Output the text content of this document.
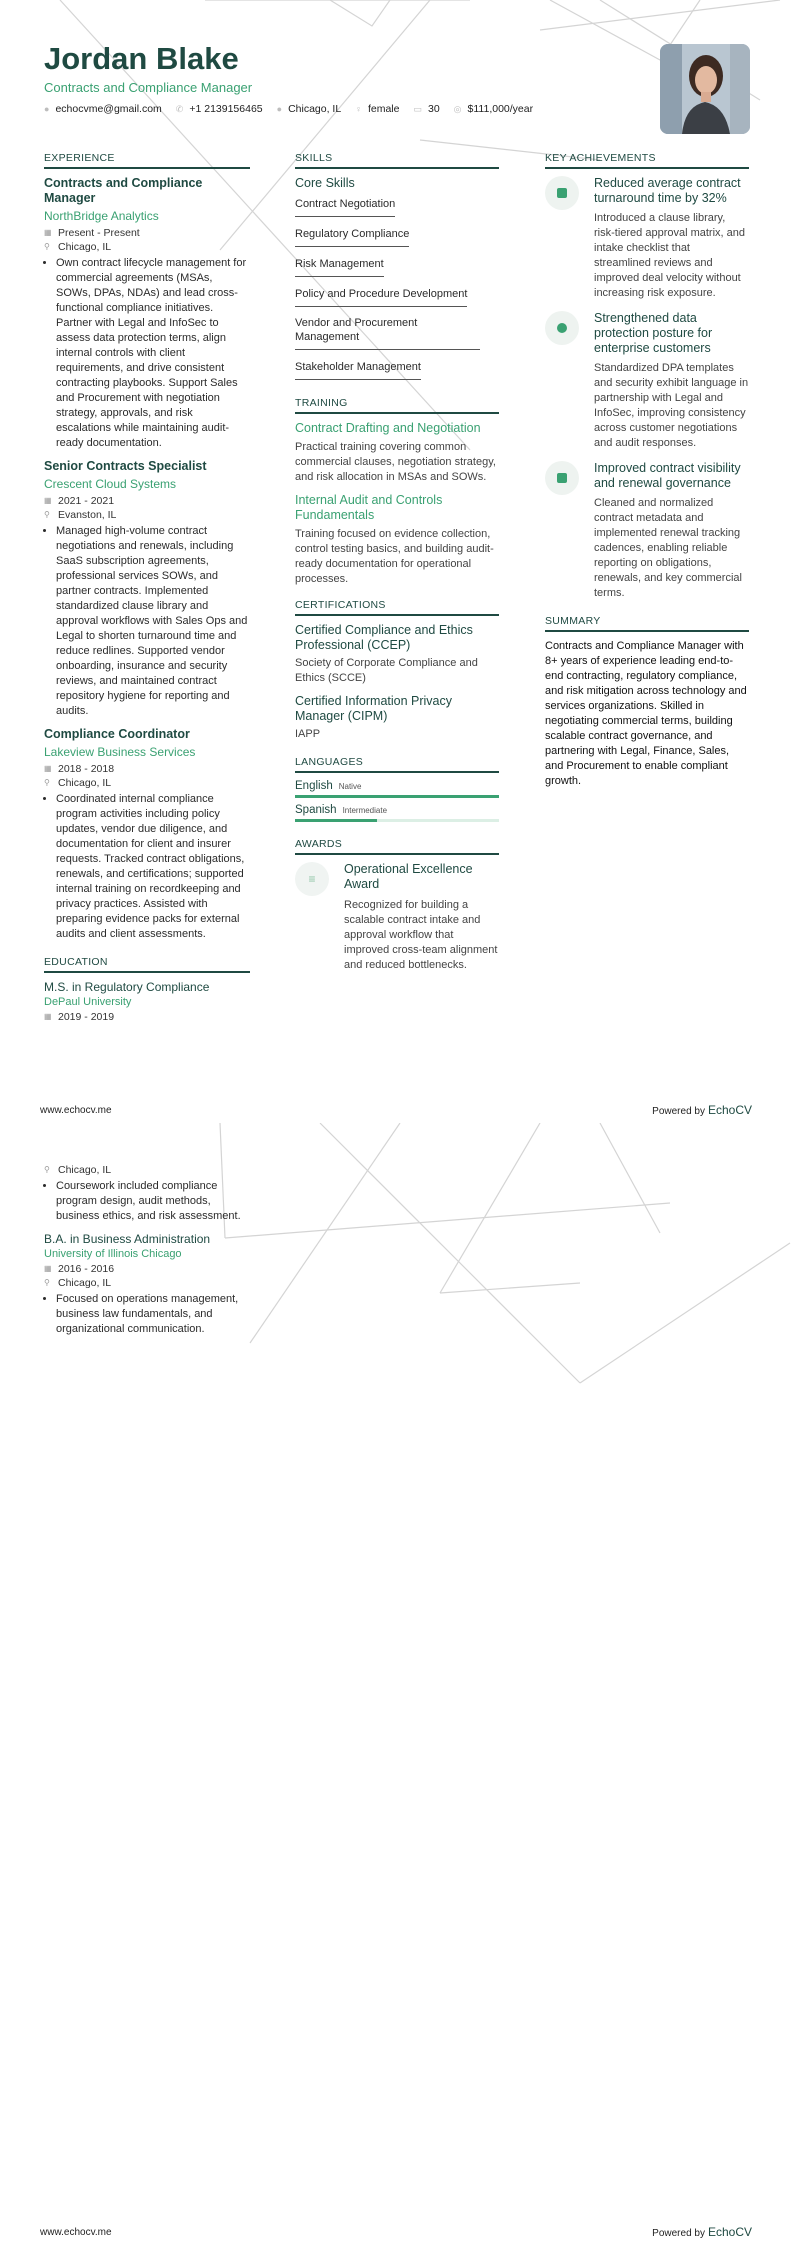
Jordan Blake
Contracts and Compliance Manager
● echocvme@gmail.com ✆ +1 2139156465 ● Chicago, IL ♀ female ▭ 30 ◎ $111,000/year
EXPERIENCE
Contracts and Compliance Manager
NorthBridge Analytics
▦ Present - Present
⚲ Chicago, IL
• Own contract lifecycle management for commercial agreements (MSAs, SOWs, DPAs, NDAs) and lead cross-functional compliance initiatives. Partner with Legal and InfoSec to assess data protection terms, align internal controls with client requirements, and drive consistent contracting playbooks. Support Sales and Procurement with negotiation strategy, approvals, and risk escalations while maintaining audit-ready documentation.
Senior Contracts Specialist
Crescent Cloud Systems
▦ 2021 - 2021
⚲ Evanston, IL
• Managed high-volume contract negotiations and renewals, including SaaS subscription agreements, professional services SOWs, and partner contracts. Implemented standardized clause library and approval workflows with Sales Ops and Legal to shorten turnaround time and reduce redlines. Supported vendor onboarding, insurance and security reviews, and maintained contract repository hygiene for reporting and audits.
Compliance Coordinator
Lakeview Business Services
▦ 2018 - 2018
⚲ Chicago, IL
• Coordinated internal compliance program activities including policy updates, vendor due diligence, and documentation for client and insurer requests. Tracked contract obligations, renewals, and certifications; supported internal training on recordkeeping and privacy practices. Assisted with preparing evidence packs for external audits and client assessments.
EDUCATION
M.S. in Regulatory Compliance
DePaul University
▦ 2019 - 2019
SKILLS
Core Skills
Contract Negotiation
Regulatory Compliance
Risk Management
Policy and Procedure Development
Vendor and Procurement Management
Stakeholder Management
TRAINING
Contract Drafting and Negotiation
Practical training covering common commercial clauses, negotiation strategy, and risk allocation in MSAs and SOWs.
Internal Audit and Controls Fundamentals
Training focused on evidence collection, control testing basics, and building audit-ready documentation for operational processes.
CERTIFICATIONS
Certified Compliance and Ethics Professional (CCEP)
Society of Corporate Compliance and Ethics (SCCE)
Certified Information Privacy Manager (CIPM)
IAPP
LANGUAGES
English Native
Spanish Intermediate
AWARDS
≡
Operational Excellence Award
Recognized for building a scalable contract intake and approval workflow that improved cross-team alignment and reduced bottlenecks.
KEY ACHIEVEMENTS
Reduced average contract turnaround time by 32%
Introduced a clause library, risk-tiered approval matrix, and intake checklist that streamlined reviews and improved deal velocity without increasing risk exposure.
Strengthened data protection posture for enterprise customers
Standardized DPA templates and security exhibit language in partnership with Legal and InfoSec, improving consistency across customer negotiations and audit responses.
Improved contract visibility and renewal governance
Cleaned and normalized contract metadata and implemented renewal tracking cadences, enabling reliable reporting on obligations, renewals, and key commercial terms.
SUMMARY
Contracts and Compliance Manager with 8+ years of experience leading end-to-end contracting, regulatory compliance, and risk mitigation across technology and services organizations. Skilled in negotiating commercial terms, building scalable contract governance, and partnering with Legal, Finance, Sales, and Procurement to enable compliant growth.
www.echocv.me	Powered by EchoCV
⚲ Chicago, IL
• Coursework included compliance program design, audit methods, business ethics, and risk assessment.
B.A. in Business Administration
University of Illinois Chicago
▦ 2016 - 2016
⚲ Chicago, IL
• Focused on operations management, business law fundamentals, and organizational communication.
www.echocv.me	Powered by EchoCV
